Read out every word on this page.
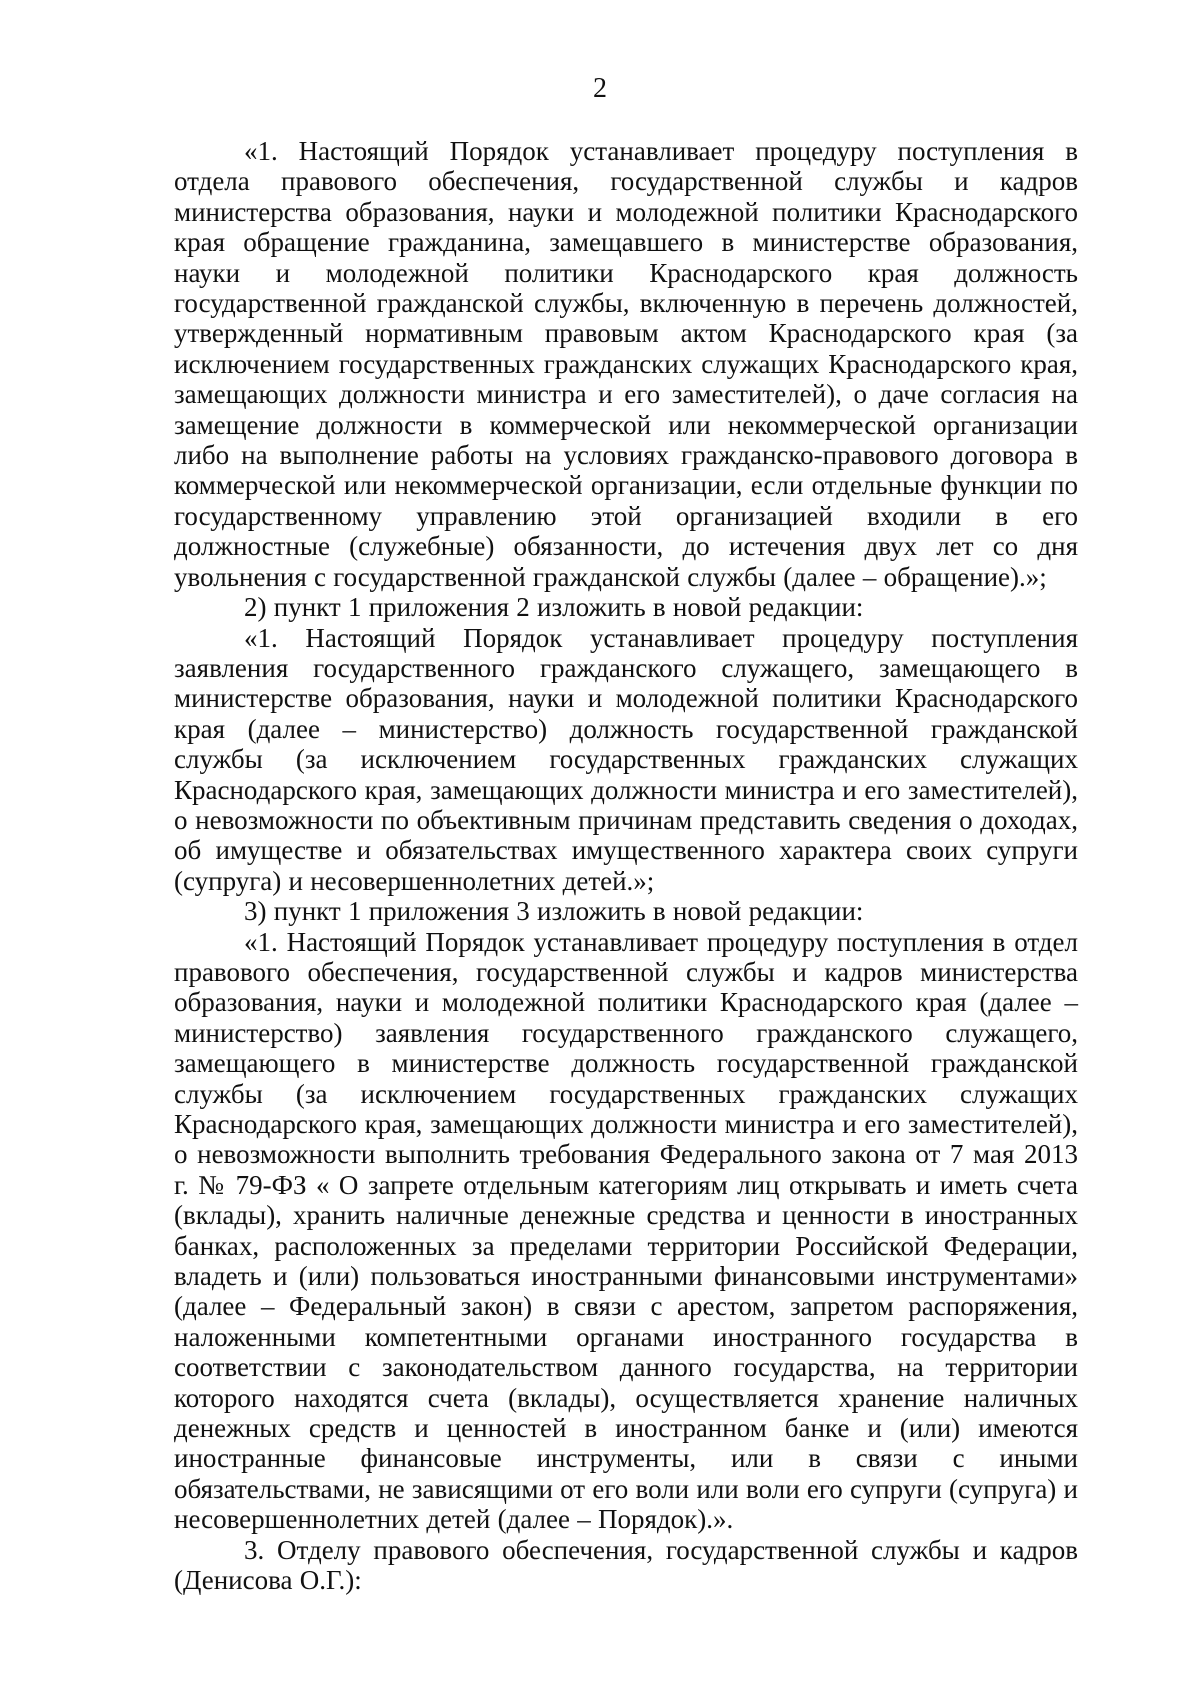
2

«1. Настоящий Порядок устанавливает процедуру поступления в отдела правового обеспечения, государственной службы и кадров министерства образования, науки и молодежной политики Краснодарского края обращение гражданина, замещавшего в министерстве образования, науки и молодежной политики Краснодарского края должность государственной гражданской службы, включенную в перечень должностей, утвержденный нормативным правовым актом Краснодарского края (за исключением государственных гражданских служащих Краснодарского края, замещающих должности министра и его заместителей), о даче согласия на замещение должности в коммерческой или некоммерческой организации либо на выполнение работы на условиях гражданско-правового договора в коммерческой или некоммерческой организации, если отдельные функции по государственному управлению этой организацией входили в его должностные (служебные) обязанности, до истечения двух лет со дня увольнения с государственной гражданской службы (далее – обращение).»;

2) пункт 1 приложения 2 изложить в новой редакции:

«1. Настоящий Порядок устанавливает процедуру поступления заявления государственного гражданского служащего, замещающего в министерстве образования, науки и молодежной политики Краснодарского края (далее – министерство) должность государственной гражданской службы (за исключением государственных гражданских служащих Краснодарского края, замещающих должности министра и его заместителей), о невозможности по объективным причинам представить сведения о доходах, об имуществе и обязательствах имущественного характера своих супруги (супруга) и несовершеннолетних детей.»;

3) пункт 1 приложения 3 изложить в новой редакции:

«1. Настоящий Порядок устанавливает процедуру поступления в отдел правового обеспечения, государственной службы и кадров министерства образования, науки и молодежной политики Краснодарского края (далее – министерство) заявления государственного гражданского служащего, замещающего в министерстве должность государственной гражданской службы (за исключением государственных гражданских служащих Краснодарского края, замещающих должности министра и его заместителей), о невозможности выполнить требования Федерального закона от 7 мая 2013 г. № 79-ФЗ « О запрете отдельным категориям лиц открывать и иметь счета (вклады), хранить наличные денежные средства и ценности в иностранных банках, расположенных за пределами территории Российской Федерации, владеть и (или) пользоваться иностранными финансовыми инструментами» (далее – Федеральный закон) в связи с арестом, запретом распоряжения, наложенными компетентными органами иностранного государства в соответствии с законодательством данного государства, на территории которого находятся счета (вклады), осуществляется хранение наличных денежных средств и ценностей в иностранном банке и (или) имеются иностранные финансовые инструменты, или в связи с иными обязательствами, не зависящими от его воли или воли его супруги (супруга) и несовершеннолетних детей (далее – Порядок).».

3. Отделу правового обеспечения, государственной службы и кадров (Денисова О.Г.):
